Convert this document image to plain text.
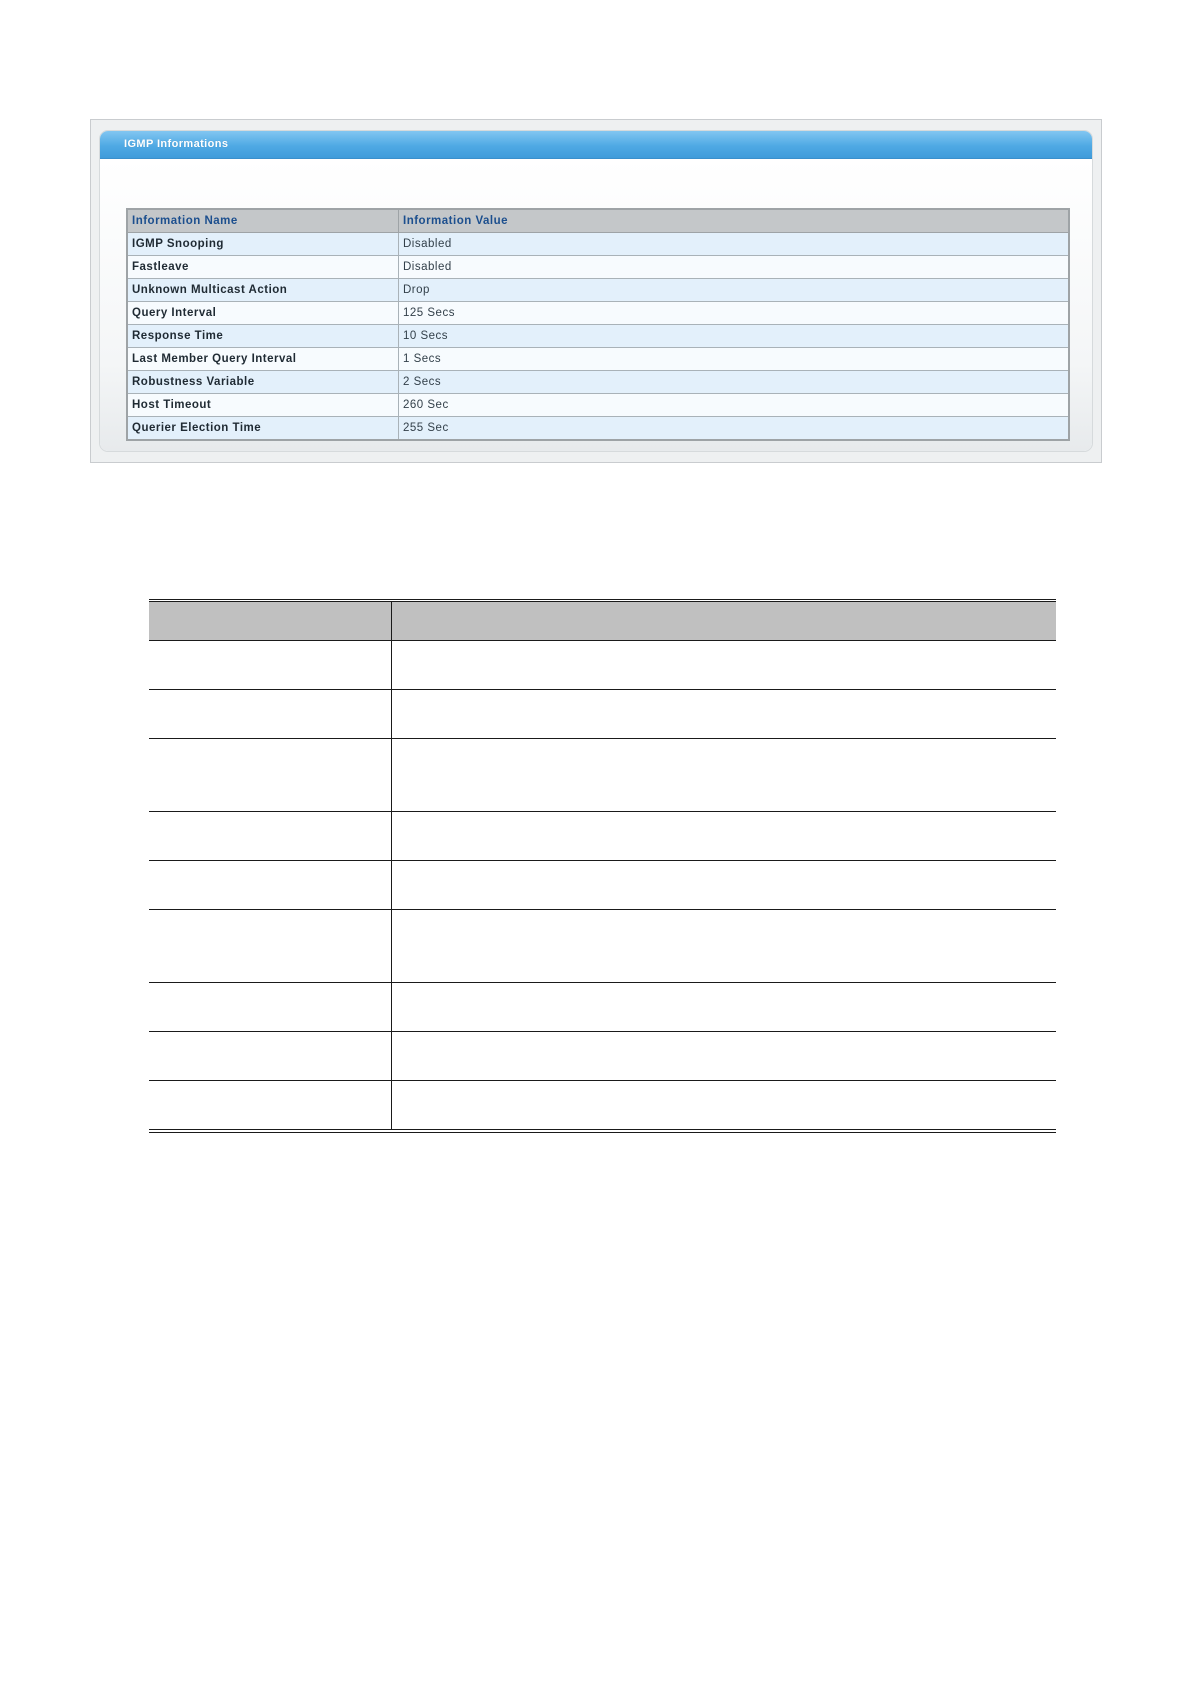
IGMP Informations
Information Name	Information Value
IGMP Snooping	Disabled
Fastleave	Disabled
Unknown Multicast Action	Drop
Query Interval	125 Secs
Response Time	10 Secs
Last Member Query Interval	1 Secs
Robustness Variable	2 Secs
Host Timeout	260 Sec
Querier Election Time	255 Sec
